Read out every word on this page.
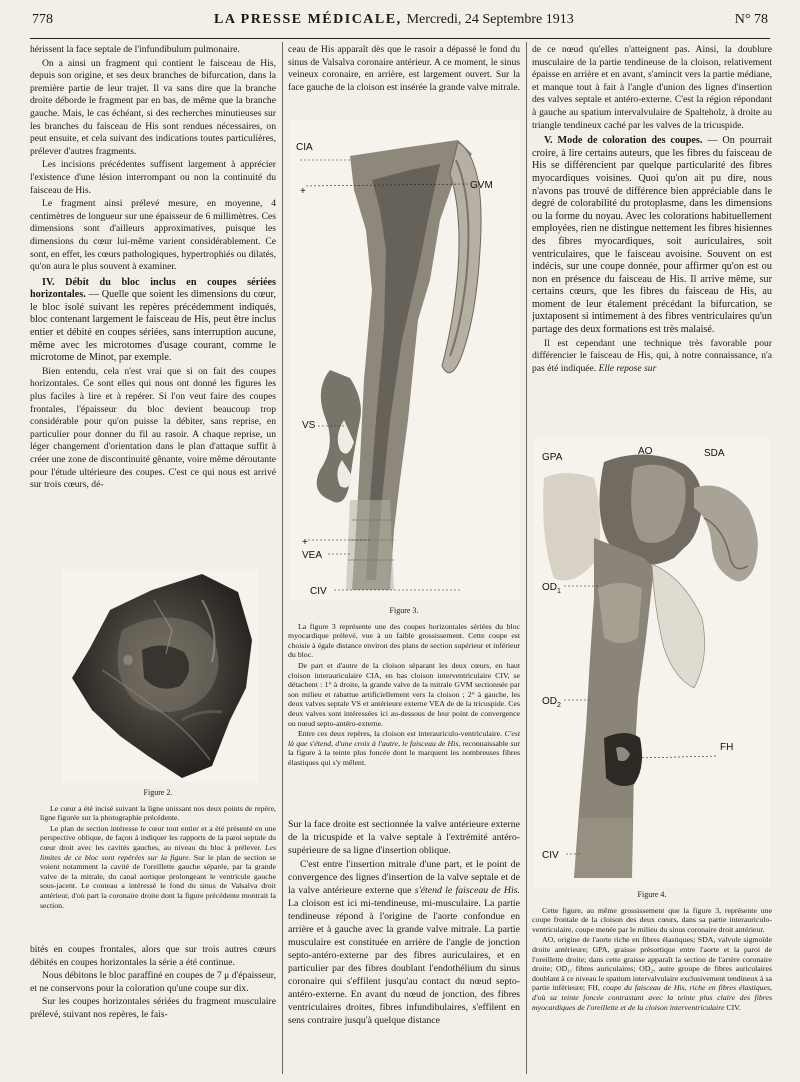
778	LA PRESSE MÉDICALE, Mercredi, 24 Septembre 1913	N° 78

hérissent la face septale de l'infundibulum pulmonaire.

On a ainsi un fragment qui contient le faisceau de His, depuis son origine, et ses deux branches de bifurcation, dans la première partie de leur trajet. Il va sans dire que la branche droite déborde le fragment par en bas, de même que la branche gauche. Mais, le cas échéant, si des recherches minutieuses sur les branches du faisceau de His sont rendues nécessaires, on peut ensuite, et cela suivant des indications toutes particulières, prélever d'autres fragments.

Les incisions précédentes suffisent largement à apprécier l'existence d'une lésion interrompant ou non la continuité du faisceau de His.

Le fragment ainsi prélevé mesure, en moyenne, 4 centimètres de longueur sur une épaisseur de 6 millimètres. Ces dimensions sont d'ailleurs approximatives, puisque les dimensions du cœur lui-même varient considérablement. Ce sont, en effet, les cœurs pathologiques, hypertrophiés ou dilatés, qu'on aura le plus souvent à examiner.

IV. Débit du bloc inclus en coupes sériées horizontales. — Quelle que soient les dimensions du cœur, le bloc isolé suivant les repères précédemment indiqués, bloc contenant largement le faisceau de His, peut être inclus entier et débité en coupes sériées, sans interruption aucune, même avec les microtomes d'usage courant, comme le microtome de Minot, par exemple.

Bien entendu, cela n'est vrai que si on fait des coupes horizontales. Ce sont elles qui nous ont donné les figures les plus faciles à lire et à repérer. Si l'on veut faire des coupes frontales, l'épaisseur du bloc devient beaucoup trop considérable pour qu'on puisse la débiter, sans reprise, en particulier pour donner du fil au rasoir. A chaque reprise, un léger changement d'orientation dans le plan d'attaque suffit à créer une zone de discontinuité gênante, voire même déroutante pour l'étude ultérieure des coupes. C'est ce qui nous est arrivé sur trois cœurs, dé-

Figure 2.

Le cœur a été incisé suivant la ligne unissant nos deux points de repère, ligne figurée sur la photographie précédente.

Le plan de section intéresse le cœur tout entier et a été présenté en une perspective oblique, de façon à indiquer les rapports de la paroi septale du cœur droit avec les cavités gauches, au niveau du bloc à prélever. Les limites de ce bloc sont repérées sur la figure. Sur le plan de section se voient notamment la cavité de l'oreillette gauche séparée, par la grande valve de la mitrale, du canal aortique prolongeant le ventricule gauche sous-jacent. Le couteau a intéressé le fond du sinus de Valsalva droit antérieur, d'où part la coronaire droite dont la figure précédente montrait la section.

bités en coupes frontales, alors que sur trois autres cœurs débités en coupes horizontales la série a été continue.

Nous débitons le bloc paraffiné en coupes de 7 μ d'épaisseur, et ne conservons pour la coloration qu'une coupe sur dix.

Sur les coupes horizontales sériées du fragment musculaire prélevé, suivant nos repères, le fais-

ceau de His apparaît dès que le rasoir a dépassé le fond du sinus de Valsalva coronaire antérieur. A ce moment, le sinus veineux coronaire, en arrière, est largement ouvert. Sur la face gauche de la cloison est insérée la grande valve mitrale.

CIA
+
GVM
VS
+
VEA
CIV

Figure 3.

La figure 3 représente une des coupes horizontales sériées du bloc myocardique prélevé, vue à un faible grossissement. Cette coupe est choisie à égale distance environ des plans de section supérieur et inférieur du bloc.

De part et d'autre de la cloison séparant les deux cœurs, en haut cloison interauriculaire CIA, en bas cloison interventriculaire CIV, se détachent : 1° à droite, la grande valve de la mitrale GVM sectionnée par son milieu et rabattue artificiellement vers la cloison ; 2° à gauche, les deux valves septale VS et antérieure externe VEA de de la tricuspide. Ces deux valves sont intéressées ici au-dessous de leur point de convergence ou nœud septo-antéro-externe.

Entre ces deux repères, la cloison est interauriculo-ventriculaire. C'est là que s'étend, d'une croix à l'autre, le faisceau de His, reconnaissable sur la figure à la teinte plus foncée dont le marquent les nombreuses fibres élastiques qui s'y mêlent.

Sur la face droite est sectionnée la valve antérieure externe de la tricuspide et la valve septale à l'extrémité antéro-supérieure de sa ligne d'insertion oblique.

C'est entre l'insertion mitrale d'une part, et le point de convergence des lignes d'insertion de la valve septale et de la valve antérieure externe que s'étend le faisceau de His. La cloison est ici mi-tendineuse, mi-musculaire. La partie tendineuse répond à l'origine de l'aorte confondue en arrière et à gauche avec la grande valve mitrale. La partie musculaire est constituée en arrière de l'angle de jonction septo-antéro-externe par des fibres auriculaires, et en particulier par des fibres doublant l'endothélium du sinus coronaire qui s'effilent jusqu'au contact du nœud septo-antéro-externe. En avant du nœud de jonction, des fibres ventriculaires droites, fibres infundibulaires, s'effilent en sens contraire jusqu'à quelque distance

de ce nœud qu'elles n'atteignent pas. Ainsi, la doublure musculaire de la partie tendineuse de la cloison, relativement épaisse en arrière et en avant, s'amincit vers la partie médiane, et manque tout à fait à l'angle d'union des lignes d'insertion des valves septale et antéro-externe. C'est la région répondant à gauche au spatium intervalvulaire de Spalteholz, à droite au triangle tendineux caché par les valves de la tricuspide.

V. Mode de coloration des coupes. — On pourrait croire, à lire certains auteurs, que les fibres du faisceau de His se différencient par quelque particularité des fibres myocardiques voisines. Quoi qu'on ait pu dire, nous n'avons pas trouvé de différence bien appréciable dans le degré de colorabilité du protoplasme, dans les dimensions ou la forme du noyau. Avec les colorations habituellement employées, rien ne distingue nettement les fibres hisiennes des fibres myocardiques, soit auriculaires, soit ventriculaires, que le faisceau avoisine. Souvent on est indécis, sur une coupe donnée, pour affirmer qu'on est ou non en présence du faisceau de His. Il arrive même, sur certains cœurs, que les fibres du faisceau de His, au moment de leur étalement précédant la bifurcation, se juxtaposent si intimement à des fibres ventriculaires qu'un partage des deux formations est très malaisé.

Il est cependant une technique très favorable pour différencier le faisceau de His, qui, à notre connaissance, n'a pas été indiquée. Elle repose sur

GPA
AO	SDA
$OD_1$
$OD_2$
FH
CIV

Figure 4.

Cette figure, au même grossissement que la figure 3, représente une coupe frontale de la cloison des deux cœurs, dans sa partie interauriculo-ventriculaire, coupe menée par le milieu du sinus coronaire droit antérieur.

AO, origine de l'aorte riche en fibres élastiques; SDA, valvule sigmoïde droite antérieure; GPA, graisse présortique entre l'aorte et la paroi de l'oreillette droite; dans cette graisse apparaît la section de l'artère coronaire droite; OD₁, fibres auriculaires; OD₂, autre groupe de fibres auriculaires doublant à ce niveau le spatium intervalvulaire exclusivement tendineux à sa partie inférieure; FH, coupe du faisceau de His, riche en fibres élastiques, d'où sa teinte foncée contrastant avec la teinte plus claire des fibres myocardiques de l'oreillette et de la cloison interventriculaire CIV.
